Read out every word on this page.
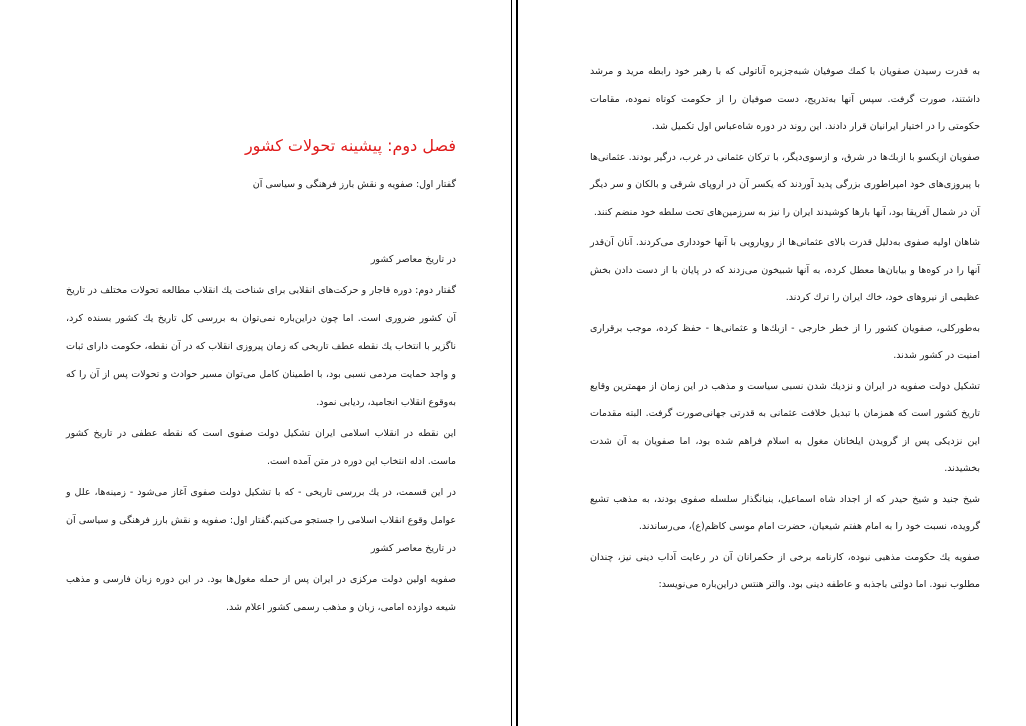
فصل دوم: پیشینه تحولات کشور
گفتار اول: صفویه و نقش بارز فرهنگی و سیاسی آن

در تاریخ معاصر کشور

گفتار دوم: دوره قاجار و حرکت‌های انقلابی برای شناخت یك انقلاب مطالعه تحولات مختلف در تاریخ آن کشور ضروری است. اما چون دراین‌باره نمی‌توان به بررسی کل تاریخ یك کشور بسنده کرد، ناگزیر با انتخاب یك نقطه عطف تاریخی که زمان پیروزی انقلاب که در آن نقطه، حکومت دارای ثبات و واجد حمایت مردمی نسبی بود، با اطمینان کامل می‌توان مسیر حوادث و تحولات پس از آن را که به‌وقوع انقلاب انجامید، ردیابی نمود.

این نقطه در انقلاب اسلامی ایران تشکیل دولت صفوی است که نقطه عطفی در تاریخ کشور ماست. ادله انتخاب این دوره در متن آمده است.

در این قسمت، در یك بررسی تاریخی - که با تشکیل دولت صفوی آغاز می‌شود - زمینه‌ها، علل و عوامل وقوع انقلاب اسلامی را جستجو می‌کنیم.گفتار اول: صفویه و نقش بارز فرهنگی و سیاسی آن در تاریخ معاصر کشور

صفویه اولین دولت مرکزی در ایران پس از حمله مغول‌ها بود. در این دوره زبان فارسی و مذهب شیعه دوازده امامی، زبان و مذهب رسمی کشور اعلام شد.

به قدرت رسیدن صفویان با کمك صوفیان شبه‌جزیره آناتولی که با رهبر خود رابطه مرید و مرشد داشتند، صورت گرفت. سپس آنها به‌تدریج، دست صوفیان را از حکومت کوتاه نموده، مقامات حکومتی را در اختیار ایرانیان قرار دادند. این روند در دوره شاه‌عباس اول تکمیل شد.

صفویان ازیکسو با ازبك‌ها در شرق، و ازسوی‌دیگر، با ترکان عثمانی در غرب، درگیر بودند. عثمانی‌ها با پیروزی‌های خود امپراطوری بزرگی پدید آوردند که یکسر آن در اروپای شرقی و بالکان و سر دیگر آن در شمال آفریقا بود، آنها بارها کوشیدند ایران را نیز به سرزمین‌های تحت سلطه خود منضم کنند.

شاهان اولیه صفوی به‌دلیل قدرت بالای عثمانی‌ها از رویارویی با آنها خودداری می‌کردند. آنان آن‌قدر آنها را در کوه‌ها و بیابان‌ها معطل کرده، به آنها شبیخون می‌زدند که در پایان با از دست دادن بخش عظیمی از نیروهای خود، خاك ایران را ترك کردند.

به‌طورکلی، صفویان کشور را از خطر خارجی - ازبك‌ها و عثمانی‌ها - حفظ کرده، موجب برقراری امنیت در کشور شدند.

تشکیل دولت صفویه در ایران و نزدیك شدن نسبی سیاست و مذهب در این زمان از مهمترین وقایع تاریخ کشور است که همزمان با تبدیل خلافت عثمانی به قدرتی جهانی‌صورت گرفت. البته مقدمات این نزدیکی پس از گرویدن ایلخانان مغول به اسلام فراهم شده بود، اما صفویان به آن شدت بخشیدند.

شیخ جنید و شیخ حیدر که از اجداد شاه اسماعیل، بنیانگذار سلسله صفوی بودند، به مذهب تشیع گرویده، نسبت خود را به امام هفتم شیعیان، حضرت امام موسی کاظم(ع)، می‌رساندند.

صفویه یك حکومت مذهبی نبوده، کارنامه برخی از حکمرانان آن در رعایت آداب دینی نیز، چندان مطلوب نبود. اما دولتی باجذبه و عاطفه دینی بود. والتر هنتس دراین‌باره می‌نویسد:
